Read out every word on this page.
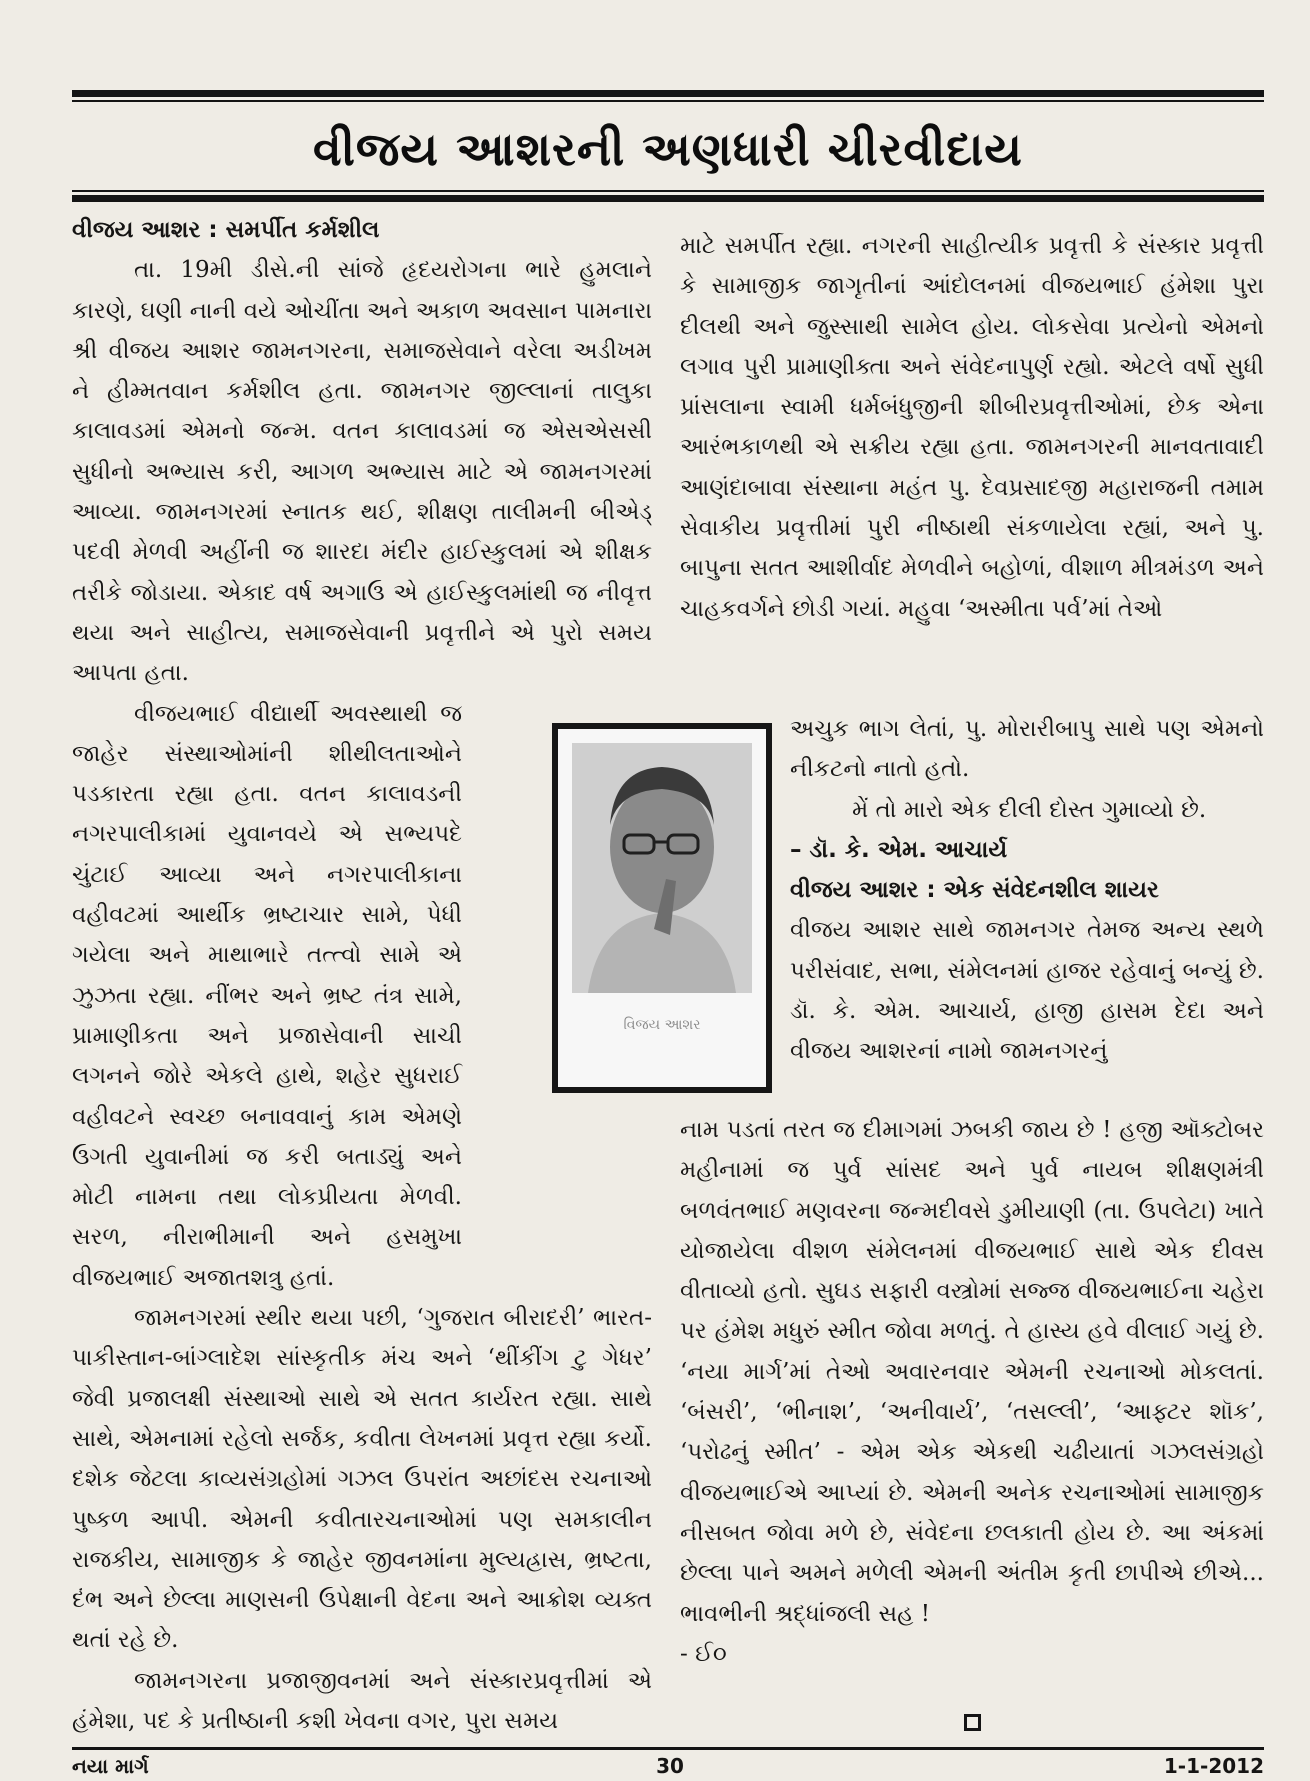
વીજય આશરની અણધારી ચીરવીદાય

વીજય આશર : સમર્પીત કર્મશીલ

તા. 19મી ડીસે.ની સાંજે હૃદયરોગના ભારે હુમલાને કારણે, ઘણી નાની વયે ઓચીંતા અને અકાળ અવસાન પામનારા શ્રી વીજય આશર જામનગરના, સમાજસેવાને વરેલા અડીખમ ને હીમ્મતવાન કર્મશીલ હતા. જામનગર જીલ્લાનાં તાલુકા કાલાવડમાં એમનો જન્મ. વતન કાલાવડમાં જ એસએસસી સુધીનો અભ્યાસ કરી, આગળ અભ્યાસ માટે એ જામનગરમાં આવ્યા. જામનગરમાં સ્નાતક થઈ, શીક્ષણ તાલીમની બીએડ્ પદવી મેળવી અહીંની જ શારદા મંદીર હાઈસ્કુલમાં એ શીક્ષક તરીકે જોડાયા. એકાદ વર્ષ અગાઉ એ હાઈસ્કુલમાંથી જ નીવૃત્ત થયા અને સાહીત્ય, સમાજસેવાની પ્રવૃત્તીને એ પુરો સમય આપતા હતા.

વીજયભાઈ વીદ્યાર્થી અવસ્થાથી જ જાહેર સંસ્થાઓમાંની શીથીલતાઓને પડકારતા રહ્યા હતા. વતન કાલાવડની નગરપાલીકામાં યુવાનવયે એ સભ્યપદે ચુંટાઈ આવ્યા અને નગરપાલીકાના વહીવટમાં આર્થીક ભ્રષ્ટાચાર સામે, પેધી ગયેલા અને માથાભારે તત્ત્વો સામે એ ઝુઝતા રહ્યા. નીંભર અને ભ્રષ્ટ તંત્ર સામે, પ્રામાણીકતા અને પ્રજાસેવાની સાચી લગનને જોરે એકલે હાથે, શહેર સુધરાઈ વહીવટને સ્વચ્છ બનાવવાનું કામ એમણે ઉગતી યુવાનીમાં જ કરી બતાડ્યું અને મોટી નામના તથા લોકપ્રીયતા મેળવી. સરળ, નીરાભીમાની અને હસમુખા વીજયભાઈ અજાતશત્રુ હતાં.

જામનગરમાં સ્થીર થયા પછી, ‘ગુજરાત બીરાદરી’ ભારત-પાકીસ્તાન-બાંગ્લાદેશ સાંસ્કૃતીક મંચ અને ‘થીંકીંગ ટુ ગેધર’ જેવી પ્રજાલક્ષી સંસ્થાઓ સાથે એ સતત કાર્યરત રહ્યા. સાથે સાથે, એમનામાં રહેલો સર્જક, કવીતા લેખનમાં પ્રવૃત્ત રહ્યા કર્યો. દશેક જેટલા કાવ્યસંગ્રહોમાં ગઝલ ઉપરાંત અછાંદસ રચનાઓ પુષ્કળ આપી. એમની કવીતારચનાઓમાં પણ સમકાલીન રાજકીય, સામાજીક કે જાહેર જીવનમાંના મુલ્યહ્રાસ, ભ્રષ્ટતા, દંભ અને છેલ્લા માણસની ઉપેક્ષાની વેદના અને આક્રોશ વ્યક્ત થતાં રહે છે.

જામનગરના પ્રજાજીવનમાં અને સંસ્કારપ્રવૃત્તીમાં એ હંમેશા, પદ કે પ્રતીષ્ઠાની કશી ખેવના વગર, પુરા સમય

માટે સમર્પીત રહ્યા. નગરની સાહીત્યીક પ્રવૃત્તી કે સંસ્કાર પ્રવૃત્તી કે સામાજીક જાગૃતીનાં આંદોલનમાં વીજયભાઈ હંમેશા પુરા દીલથી અને જુસ્સાથી સામેલ હોય. લોકસેવા પ્રત્યેનો એમનો લગાવ પુરી પ્રામાણીક્તા અને સંવેદનાપુર્ણ રહ્યો. એટલે વર્ષો સુધી પ્રાંસલાના સ્વામી ધર્મબંધુજીની શીબીરપ્રવૃત્તીઓમાં, છેક એના આરંભકાળથી એ સક્રીય રહ્યા હતા. જામનગરની માનવતાવાદી આણંદાબાવા સંસ્થાના મહંત પુ. દેવપ્રસાદજી મહારાજની તમામ સેવાકીય પ્રવૃત્તીમાં પુરી નીષ્ઠાથી સંકળાયેલા રહ્યાં, અને પુ. બાપુના સતત આશીર્વાદ મેળવીને બહોળાં, વીશાળ મીત્રમંડળ અને ચાહકવર્ગને છોડી ગયાં. મહુવા ‘અસ્મીતા પર્વ’માં તેઓ

વિજય આશર

અચુક ભાગ લેતાં, પુ. મોરારીબાપુ સાથે પણ એમનો નીકટનો નાતો હતો.

મેં તો મારો એક દીલી દોસ્ત ગુમાવ્યો છે.

– ડૉ. કે. એમ. આચાર્ય

વીજય આશર : એક સંવેદનશીલ શાયર

વીજય આશર સાથે જામનગર તેમજ અન્ય સ્થળે પરીસંવાદ, સભા, સંમેલનમાં હાજર રહેવાનું બન્યું છે. ડૉ. કે. એમ. આચાર્ય, હાજી હાસમ દેદા અને વીજય આશરનાં નામો જામનગરનું

નામ પડતાં તરત જ દીમાગમાં ઝબકી જાય છે ! હજી ઑક્ટોબર મહીનામાં જ પુર્વ સાંસદ અને પુર્વ નાયબ શીક્ષણમંત્રી બળવંતભાઈ મણવરના જન્મદીવસે ડુમીયાણી (તા. ઉપલેટા) ખાતે યોજાયેલા વીશળ સંમેલનમાં વીજયભાઈ સાથે એક દીવસ વીતાવ્યો હતો. સુઘડ સફારી વસ્ત્રોમાં સજ્જ વીજયભાઈના ચહેરા પર હંમેશ મધુરું સ્મીત જોવા મળતું. તે હાસ્ય હવે વીલાઈ ગયું છે. ‘નયા માર્ગ’માં તેઓ અવારનવાર એમની રચનાઓ મોકલતાં. ‘બંસરી’, ‘ભીનાશ’, ‘અનીવાર્ય’, ‘તસલ્લી’, ‘આફ્ટર શૉક’, ‘પરોઢનું સ્મીત’ - એમ એક એકથી ચઢીયાતાં ગઝલસંગ્રહો વીજયભાઈએ આપ્યાં છે. એમની અનેક રચનાઓમાં સામાજીક નીસબત જોવા મળે છે, સંવેદના છલકાતી હોય છે. આ અંકમાં છેલ્લા પાને અમને મળેલી એમની અંતીમ કૃતી છાપીએ છીએ... ભાવભીની શ્રદ્ધાંજલી સહ !

- ઈ૦

નયા માર્ગ	30	1-1-2012
